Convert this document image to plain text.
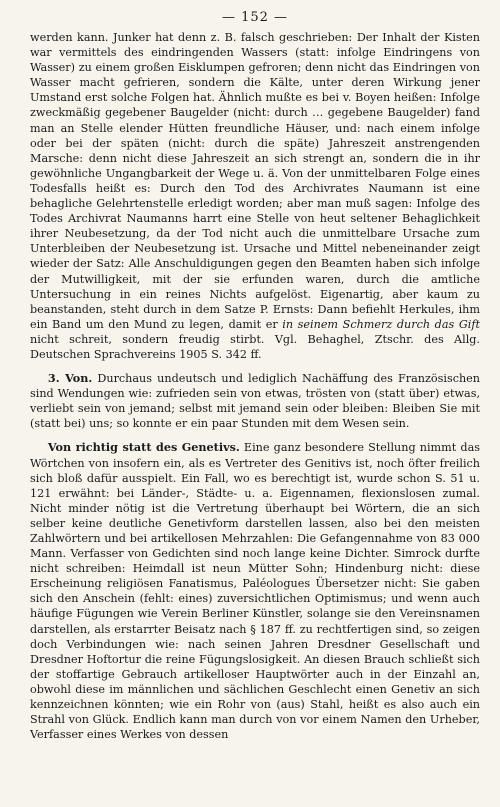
— 152 —

werden kann. Junker hat denn z. B. falsch geschrieben: Der Inhalt der Kisten war vermittels des eindringenden Wassers (statt: infolge Eindringens von Wasser) zu einem großen Eisklumpen gefroren; denn nicht das Eindringen von Wasser macht gefrieren, sondern die Kälte, unter deren Wirkung jener Umstand erst solche Folgen hat. Ähnlich mußte es bei v. Boyen heißen: Infolge zweckmäßig gegebener Baugelder (nicht: durch … gegebene Baugelder) fand man an Stelle elender Hütten freundliche Häuser, und: nach einem infolge oder bei der späten (nicht: durch die späte) Jahreszeit anstrengenden Marsche: denn nicht diese Jahreszeit an sich strengt an, sondern die in ihr gewöhnliche Ungangbarkeit der Wege u. ä. Von der unmittelbaren Folge eines Todesfalls heißt es: Durch den Tod des Archivrates Naumann ist eine behagliche Gelehrtenstelle erledigt worden; aber man muß sagen: Infolge des Todes Archivrat Naumanns harrt eine Stelle von heut seltener Behaglichkeit ihrer Neubesetzung, da der Tod nicht auch die unmittelbare Ursache zum Unterbleiben der Neubesetzung ist. Ursache und Mittel nebeneinander zeigt wieder der Satz: Alle Anschuldigungen gegen den Beamten haben sich infolge der Mutwilligkeit, mit der sie erfunden waren, durch die amtliche Untersuchung in ein reines Nichts aufgelöst. Eigenartig, aber kaum zu beanstanden, steht durch in dem Satze P. Ernsts: Dann befiehlt Herkules, ihm ein Band um den Mund zu legen, damit er in seinem Schmerz durch das Gift nicht schreit, sondern freudig stirbt. Vgl. Behaghel, Ztschr. des Allg. Deutschen Sprachvereins 1905 S. 342 ff.

3. Von. Durchaus undeutsch und lediglich Nachäffung des Französischen sind Wendungen wie: zufrieden sein von etwas, trösten von (statt über) etwas, verliebt sein von jemand; selbst mit jemand sein oder bleiben: Bleiben Sie mit (statt bei) uns; so konnte er ein paar Stunden mit dem Wesen sein.

Von richtig statt des Genetivs. Eine ganz besondere Stellung nimmt das Wörtchen von insofern ein, als es Vertreter des Genitivs ist, noch öfter freilich sich bloß dafür ausspielt. Ein Fall, wo es berechtigt ist, wurde schon S. 51 u. 121 erwähnt: bei Länder-, Städte- u. a. Eigennamen, flexionslosen zumal. Nicht minder nötig ist die Vertretung überhaupt bei Wörtern, die an sich selber keine deutliche Genetivform darstellen lassen, also bei den meisten Zahlwörtern und bei artikellosen Mehrzahlen: Die Gefangennahme von 83 000 Mann. Verfasser von Gedichten sind noch lange keine Dichter. Simrock durfte nicht schreiben: Heimdall ist neun Mütter Sohn; Hindenburg nicht: diese Erscheinung religiösen Fanatismus, Paléologues Übersetzer nicht: Sie gaben sich den Anschein (fehlt: eines) zuversichtlichen Optimismus; und wenn auch häufige Fügungen wie Verein Berliner Künstler, solange sie den Vereinsnamen darstellen, als erstarrter Beisatz nach § 187 ff. zu rechtfertigen sind, so zeigen doch Verbindungen wie: nach seinen Jahren Dresdner Gesellschaft und Dresdner Hoftortur die reine Fügungslosigkeit. An diesen Brauch schließt sich der stoffartige Gebrauch artikelloser Hauptwörter auch in der Einzahl an, obwohl diese im männlichen und sächlichen Geschlecht einen Genetiv an sich kennzeichnen könnten; wie ein Rohr von (aus) Stahl, heißt es also auch ein Strahl von Glück. Endlich kann man durch von vor einem Namen den Urheber, Verfasser eines Werkes von dessen
